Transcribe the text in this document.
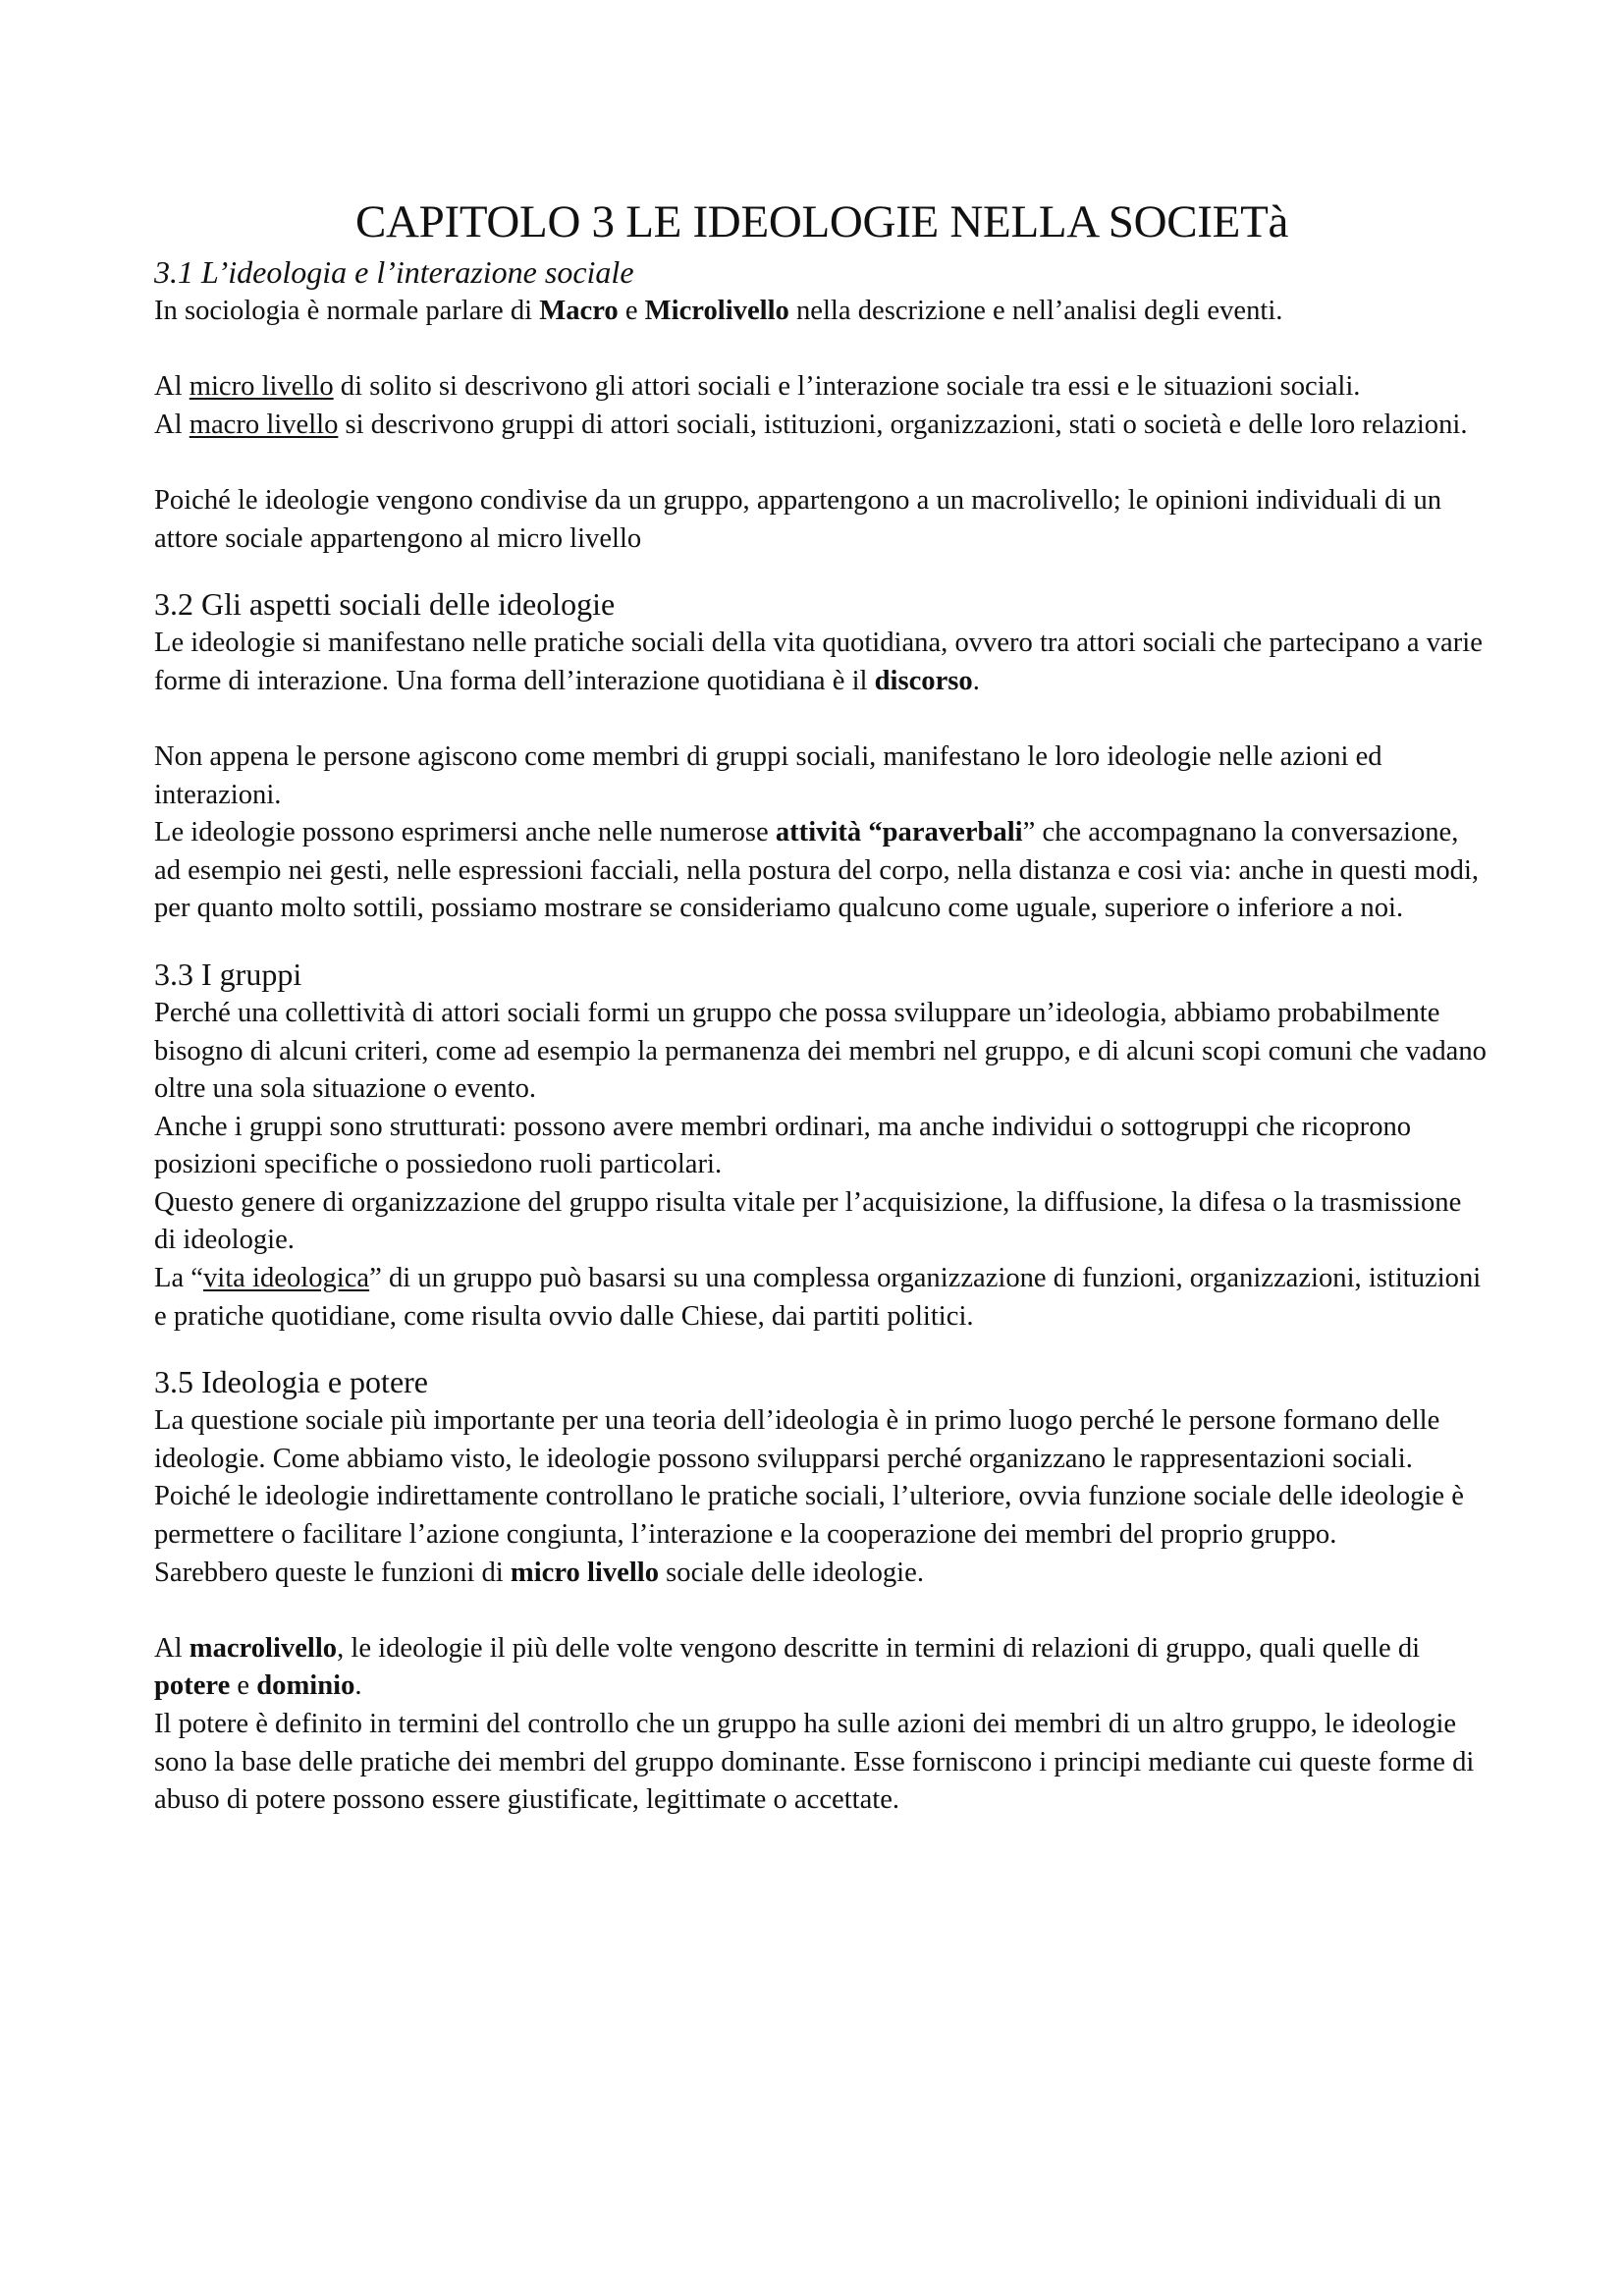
CAPITOLO 3 LE IDEOLOGIE NELLA SOCIETà
3.1 L’ideologia e l’interazione sociale

In sociologia è normale parlare di Macro e Microlivello nella descrizione e nell’analisi degli eventi.

Al micro livello di solito si descrivono gli attori sociali e l’interazione sociale tra essi e le situazioni sociali.

Al macro livello si descrivono gruppi di attori sociali, istituzioni, organizzazioni, stati o società e delle loro relazioni.

Poiché le ideologie vengono condivise da un gruppo, appartengono a un macrolivello; le opinioni individuali di un attore sociale appartengono al micro livello

3.2 Gli aspetti sociali delle ideologie

Le ideologie si manifestano nelle pratiche sociali della vita quotidiana, ovvero tra attori sociali che partecipano a varie forme di interazione. Una forma dell’interazione quotidiana è il discorso.

Non appena le persone agiscono come membri di gruppi sociali, manifestano le loro ideologie nelle azioni ed interazioni.

Le ideologie possono esprimersi anche nelle numerose attività “paraverbali” che accompagnano la conversazione, ad esempio nei gesti, nelle espressioni facciali, nella postura del corpo, nella distanza e cosi via: anche in questi modi, per quanto molto sottili, possiamo mostrare se consideriamo qualcuno come uguale, superiore o inferiore a noi.

3.3 I gruppi

Perché una collettività di attori sociali formi un gruppo che possa sviluppare un’ideologia, abbiamo probabilmente bisogno di alcuni criteri, come ad esempio la permanenza dei membri nel gruppo, e di alcuni scopi comuni che vadano oltre una sola situazione o evento.

Anche i gruppi sono strutturati: possono avere membri ordinari, ma anche individui o sottogruppi che ricoprono posizioni specifiche o possiedono ruoli particolari.

Questo genere di organizzazione del gruppo risulta vitale per l’acquisizione, la diffusione, la difesa o la trasmissione di ideologie.

La “vita ideologica” di un gruppo può basarsi su una complessa organizzazione di funzioni, organizzazioni, istituzioni e pratiche quotidiane, come risulta ovvio dalle Chiese, dai partiti politici.

3.5 Ideologia e potere

La questione sociale più importante per una teoria dell’ideologia è in primo luogo perché le persone formano delle ideologie. Come abbiamo visto, le ideologie possono svilupparsi perché organizzano le rappresentazioni sociali.

Poiché le ideologie indirettamente controllano le pratiche sociali, l’ulteriore, ovvia funzione sociale delle ideologie è permettere o facilitare l’azione congiunta, l’interazione e la cooperazione dei membri del proprio gruppo.

Sarebbero queste le funzioni di micro livello sociale delle ideologie.

Al macrolivello, le ideologie il più delle volte vengono descritte in termini di relazioni di gruppo, quali quelle di potere e dominio.

Il potere è definito in termini del controllo che un gruppo ha sulle azioni dei membri di un altro gruppo, le ideologie sono la base delle pratiche dei membri del gruppo dominante. Esse forniscono i principi mediante cui queste forme di abuso di potere possono essere giustificate, legittimate o accettate.
